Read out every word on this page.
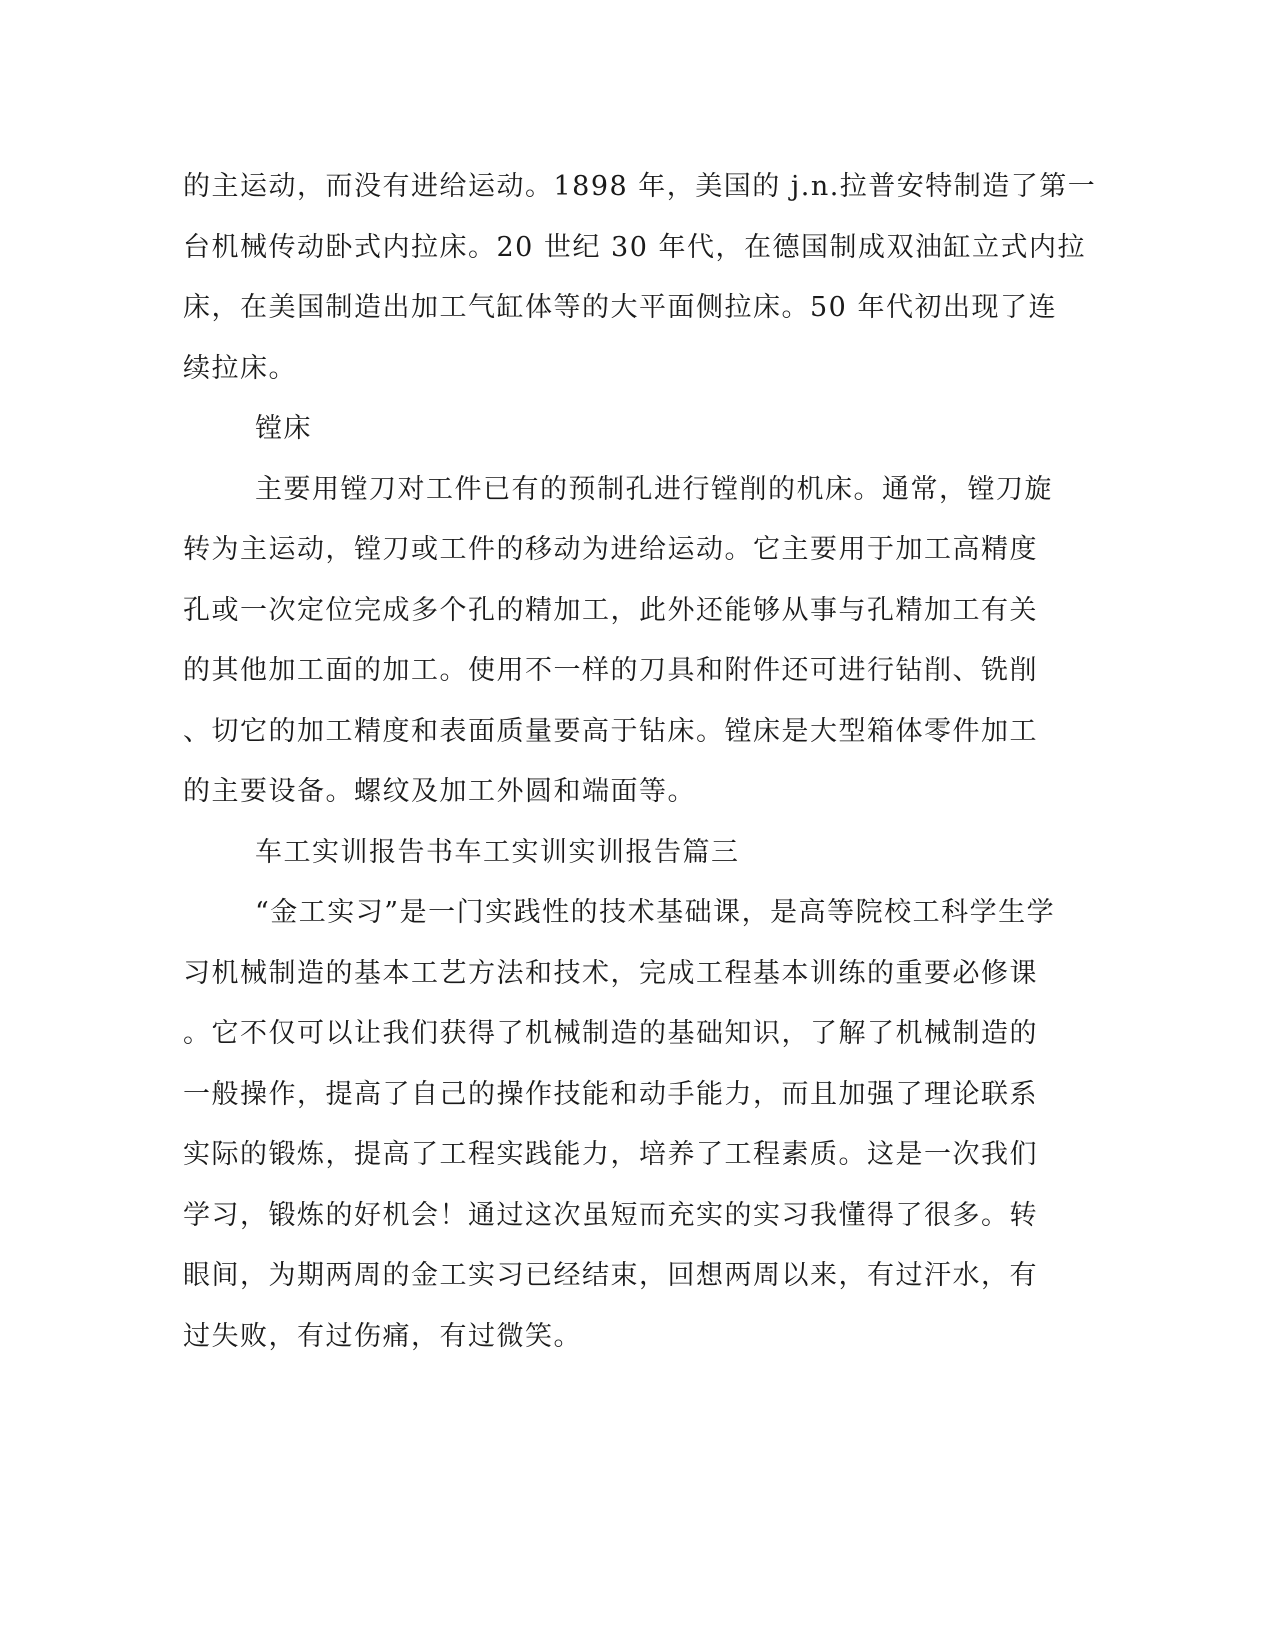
的主运动，而没有进给运动。1898 年，美国的 j.n.拉普安特制造了第一
台机械传动卧式内拉床。20 世纪 30 年代，在德国制成双油缸立式内拉
床，在美国制造出加工气缸体等的大平面侧拉床。50 年代初出现了连
续拉床。
镗床
主要用镗刀对工件已有的预制孔进行镗削的机床。通常，镗刀旋
转为主运动，镗刀或工件的移动为进给运动。它主要用于加工高精度
孔或一次定位完成多个孔的精加工，此外还能够从事与孔精加工有关
的其他加工面的加工。使用不一样的刀具和附件还可进行钻削、铣削
、切它的加工精度和表面质量要高于钻床。镗床是大型箱体零件加工
的主要设备。螺纹及加工外圆和端面等。
车工实训报告书车工实训实训报告篇三
“金工实习”是一门实践性的技术基础课，是高等院校工科学生学
习机械制造的基本工艺方法和技术，完成工程基本训练的重要必修课
。它不仅可以让我们获得了机械制造的基础知识，了解了机械制造的
一般操作，提高了自己的操作技能和动手能力，而且加强了理论联系
实际的锻炼，提高了工程实践能力，培养了工程素质。这是一次我们
学习，锻炼的好机会！通过这次虽短而充实的实习我懂得了很多。转
眼间，为期两周的金工实习已经结束，回想两周以来，有过汗水，有
过失败，有过伤痛，有过微笑。
